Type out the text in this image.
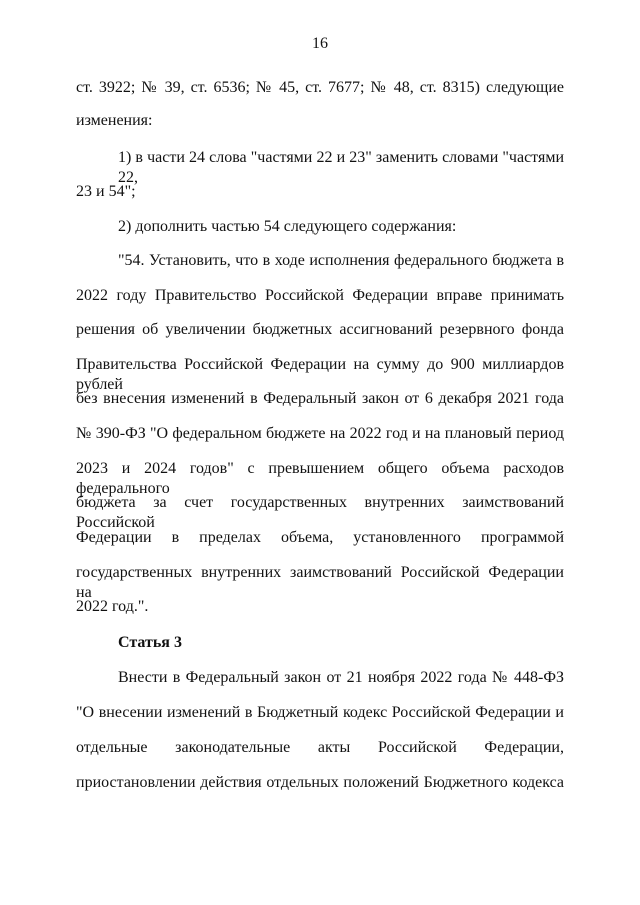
16
ст. 3922; № 39, ст. 6536; № 45, ст. 7677; № 48, ст. 8315) следующие
изменения:
1) в части 24 слова "частями 22 и 23" заменить словами "частями 22,
23 и 54";
2) дополнить частью 54 следующего содержания:
"54. Установить, что в ходе исполнения федерального бюджета в
2022 году Правительство Российской Федерации вправе принимать
решения об увеличении бюджетных ассигнований резервного фонда
Правительства Российской Федерации на сумму до 900 миллиардов рублей
без внесения изменений в Федеральный закон от 6 декабря 2021 года
№ 390-ФЗ "О федеральном бюджете на 2022 год и на плановый период
2023 и 2024 годов" с превышением общего объема расходов федерального
бюджета за счет государственных внутренних заимствований Российской
Федерации в пределах объема, установленного программой
государственных внутренних заимствований Российской Федерации на
2022 год.".
Статья 3
Внести в Федеральный закон от 21 ноября 2022 года № 448-ФЗ
"О внесении изменений в Бюджетный кодекс Российской Федерации и
отдельные законодательные акты Российской Федерации,
приостановлении действия отдельных положений Бюджетного кодекса
